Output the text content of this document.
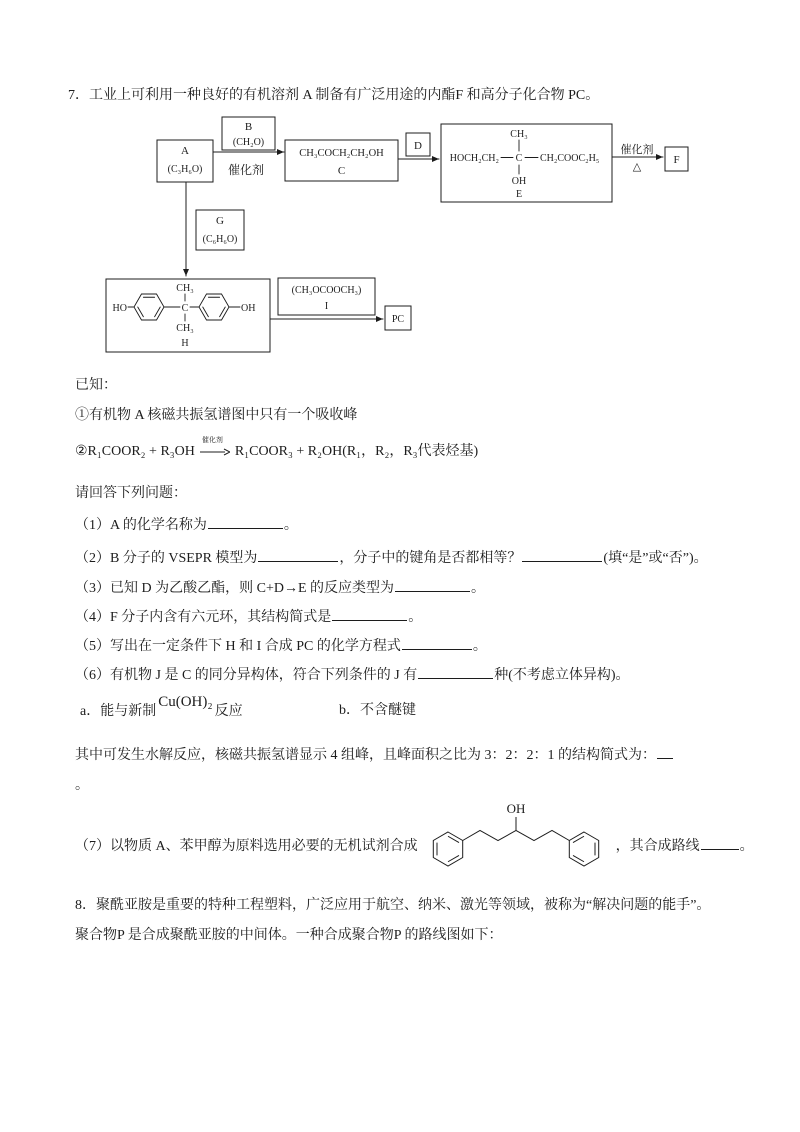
7．工业上可利用一种良好的有机溶剂 A 制备有广泛用途的内酯F 和高分子化合物 PC。
A
(C₃H₆O)
B
(CH₂O)
催化剂
CH₃COCH₂CH₂OH
C
D
CH₃
HOCH₂CH₂ C CH₂COOC₂H₅
OH
E
催化剂
△
F
G
(C₆H₆O)
CH₃
HO	C	OH
CH₃
H
(CH₃OCOOCH₃)
I
PC
已知：
①有机物 A 核磁共振氢谱图中只有一个吸收峰
②R₁COOR₂ + R₃OH
催化剂
R₁COOR₃ + R₂OH(R₁，R₂，R₃代表烃基)
请回答下列问题：
（1）A 的化学名称为	。
（2）B 分子的 VSEPR 模型为	，分子中的键角是否都相等？	(填“是”或“否”)。
（3）已知 D 为乙酸乙酯，则 C+D→E 的反应类型为	。
（4）F 分子内含有六元环，其结构简式是	。
（5）写出在一定条件下 H 和 I 合成 PC 的化学方程式	。
（6）有机物 J 是 C 的同分异构体，符合下列条件的 J 有	种(不考虑立体异构)。
a．能与新制Cu(OH)₂反应	b．不含醚键
其中可发生水解反应，核磁共振氢谱显示 4 组峰，且峰面积之比为 3：2：2：1 的结构简式为：
。
（7）以物质 A、苯甲醇为原料选用必要的无机试剂合成
OH
，其合成路线	。
8．聚酰亚胺是重要的特种工程塑料，广泛应用于航空、纳米、激光等领域，被称为“解决问题的能手”。
聚合物P 是合成聚酰亚胺的中间体。一种合成聚合物P 的路线图如下：
